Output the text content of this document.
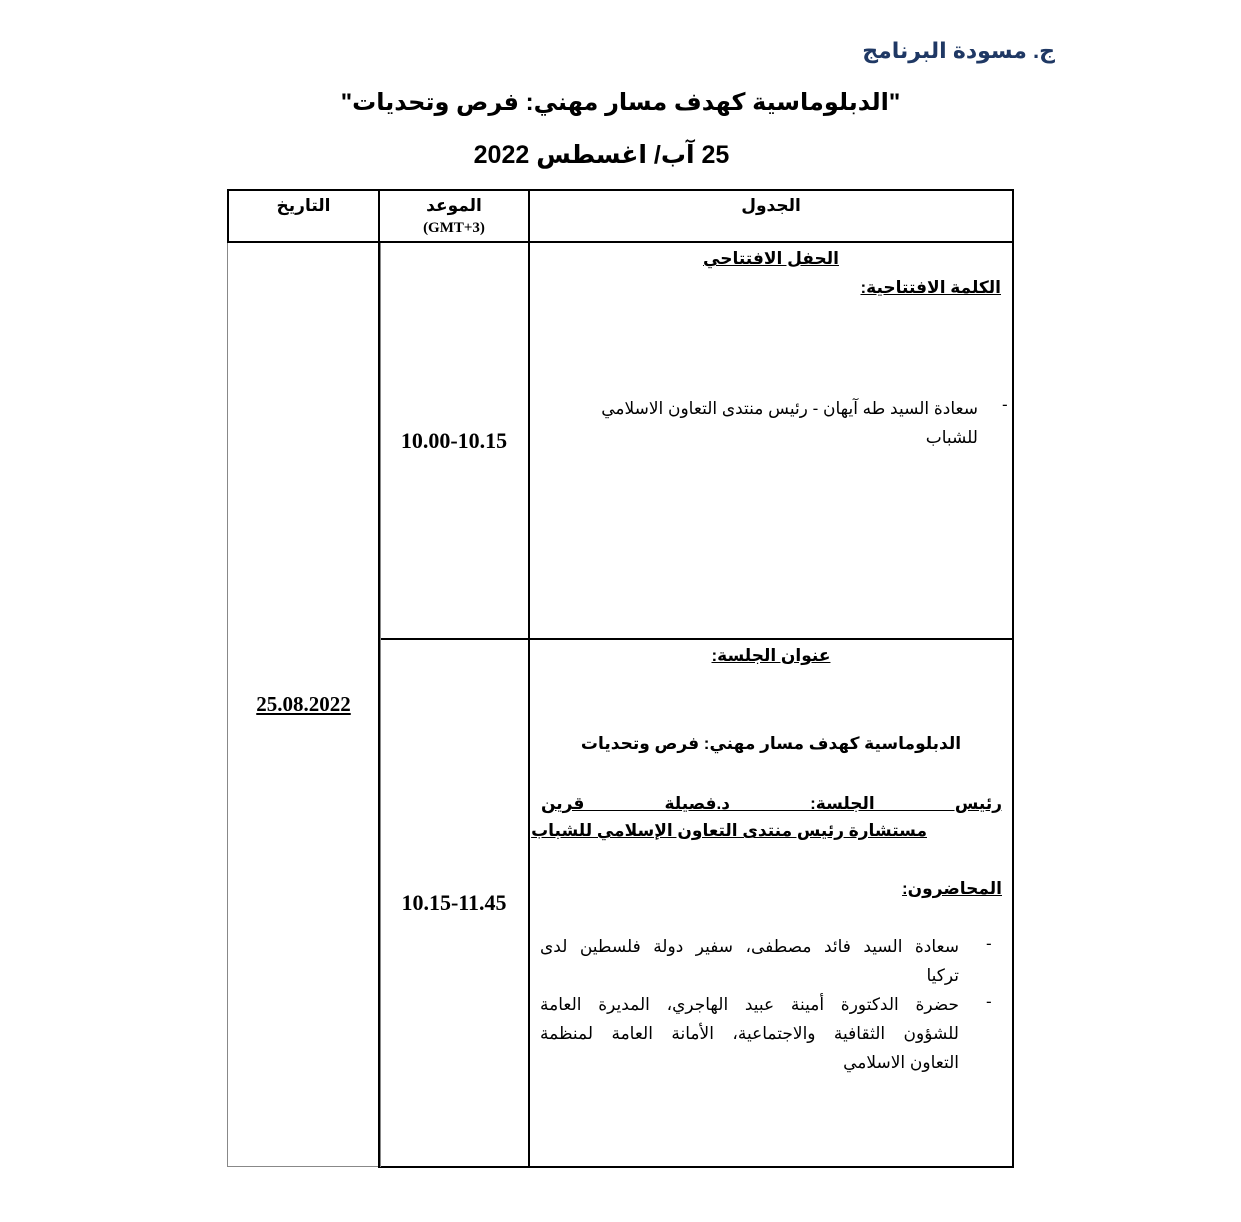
ج. مسودة البرنامج
"الدبلوماسية كهدف مسار مهني: فرص وتحديات"
25 آب/ اغسطس 2022
التاريخ	الموعد
(GMT+3)
الجدول
25.08.2022
10.00-10.15
الحفل الافتتاحي
الكلمة الافتتاحية:
-
سعادة السيد طه آيهان - رئيس منتدى التعاون الاسلامي
للشباب
10.15-11.45
عنوان الجلسة:
الدبلوماسية كهدف مسار مهني: فرص وتحديات
رئيس الجلسة: د.فصيلة قرين
مستشارة رئيس منتدى التعاون الإسلامي للشباب
المحاضرون:
-
سعادة السيد فائد مصطفى، سفير دولة فلسطين لدى
تركيا
-
حضرة الدكتورة أمينة عبيد الهاجري، المديرة العامة
للشؤون الثقافية والاجتماعية، الأمانة العامة لمنظمة
التعاون الاسلامي
